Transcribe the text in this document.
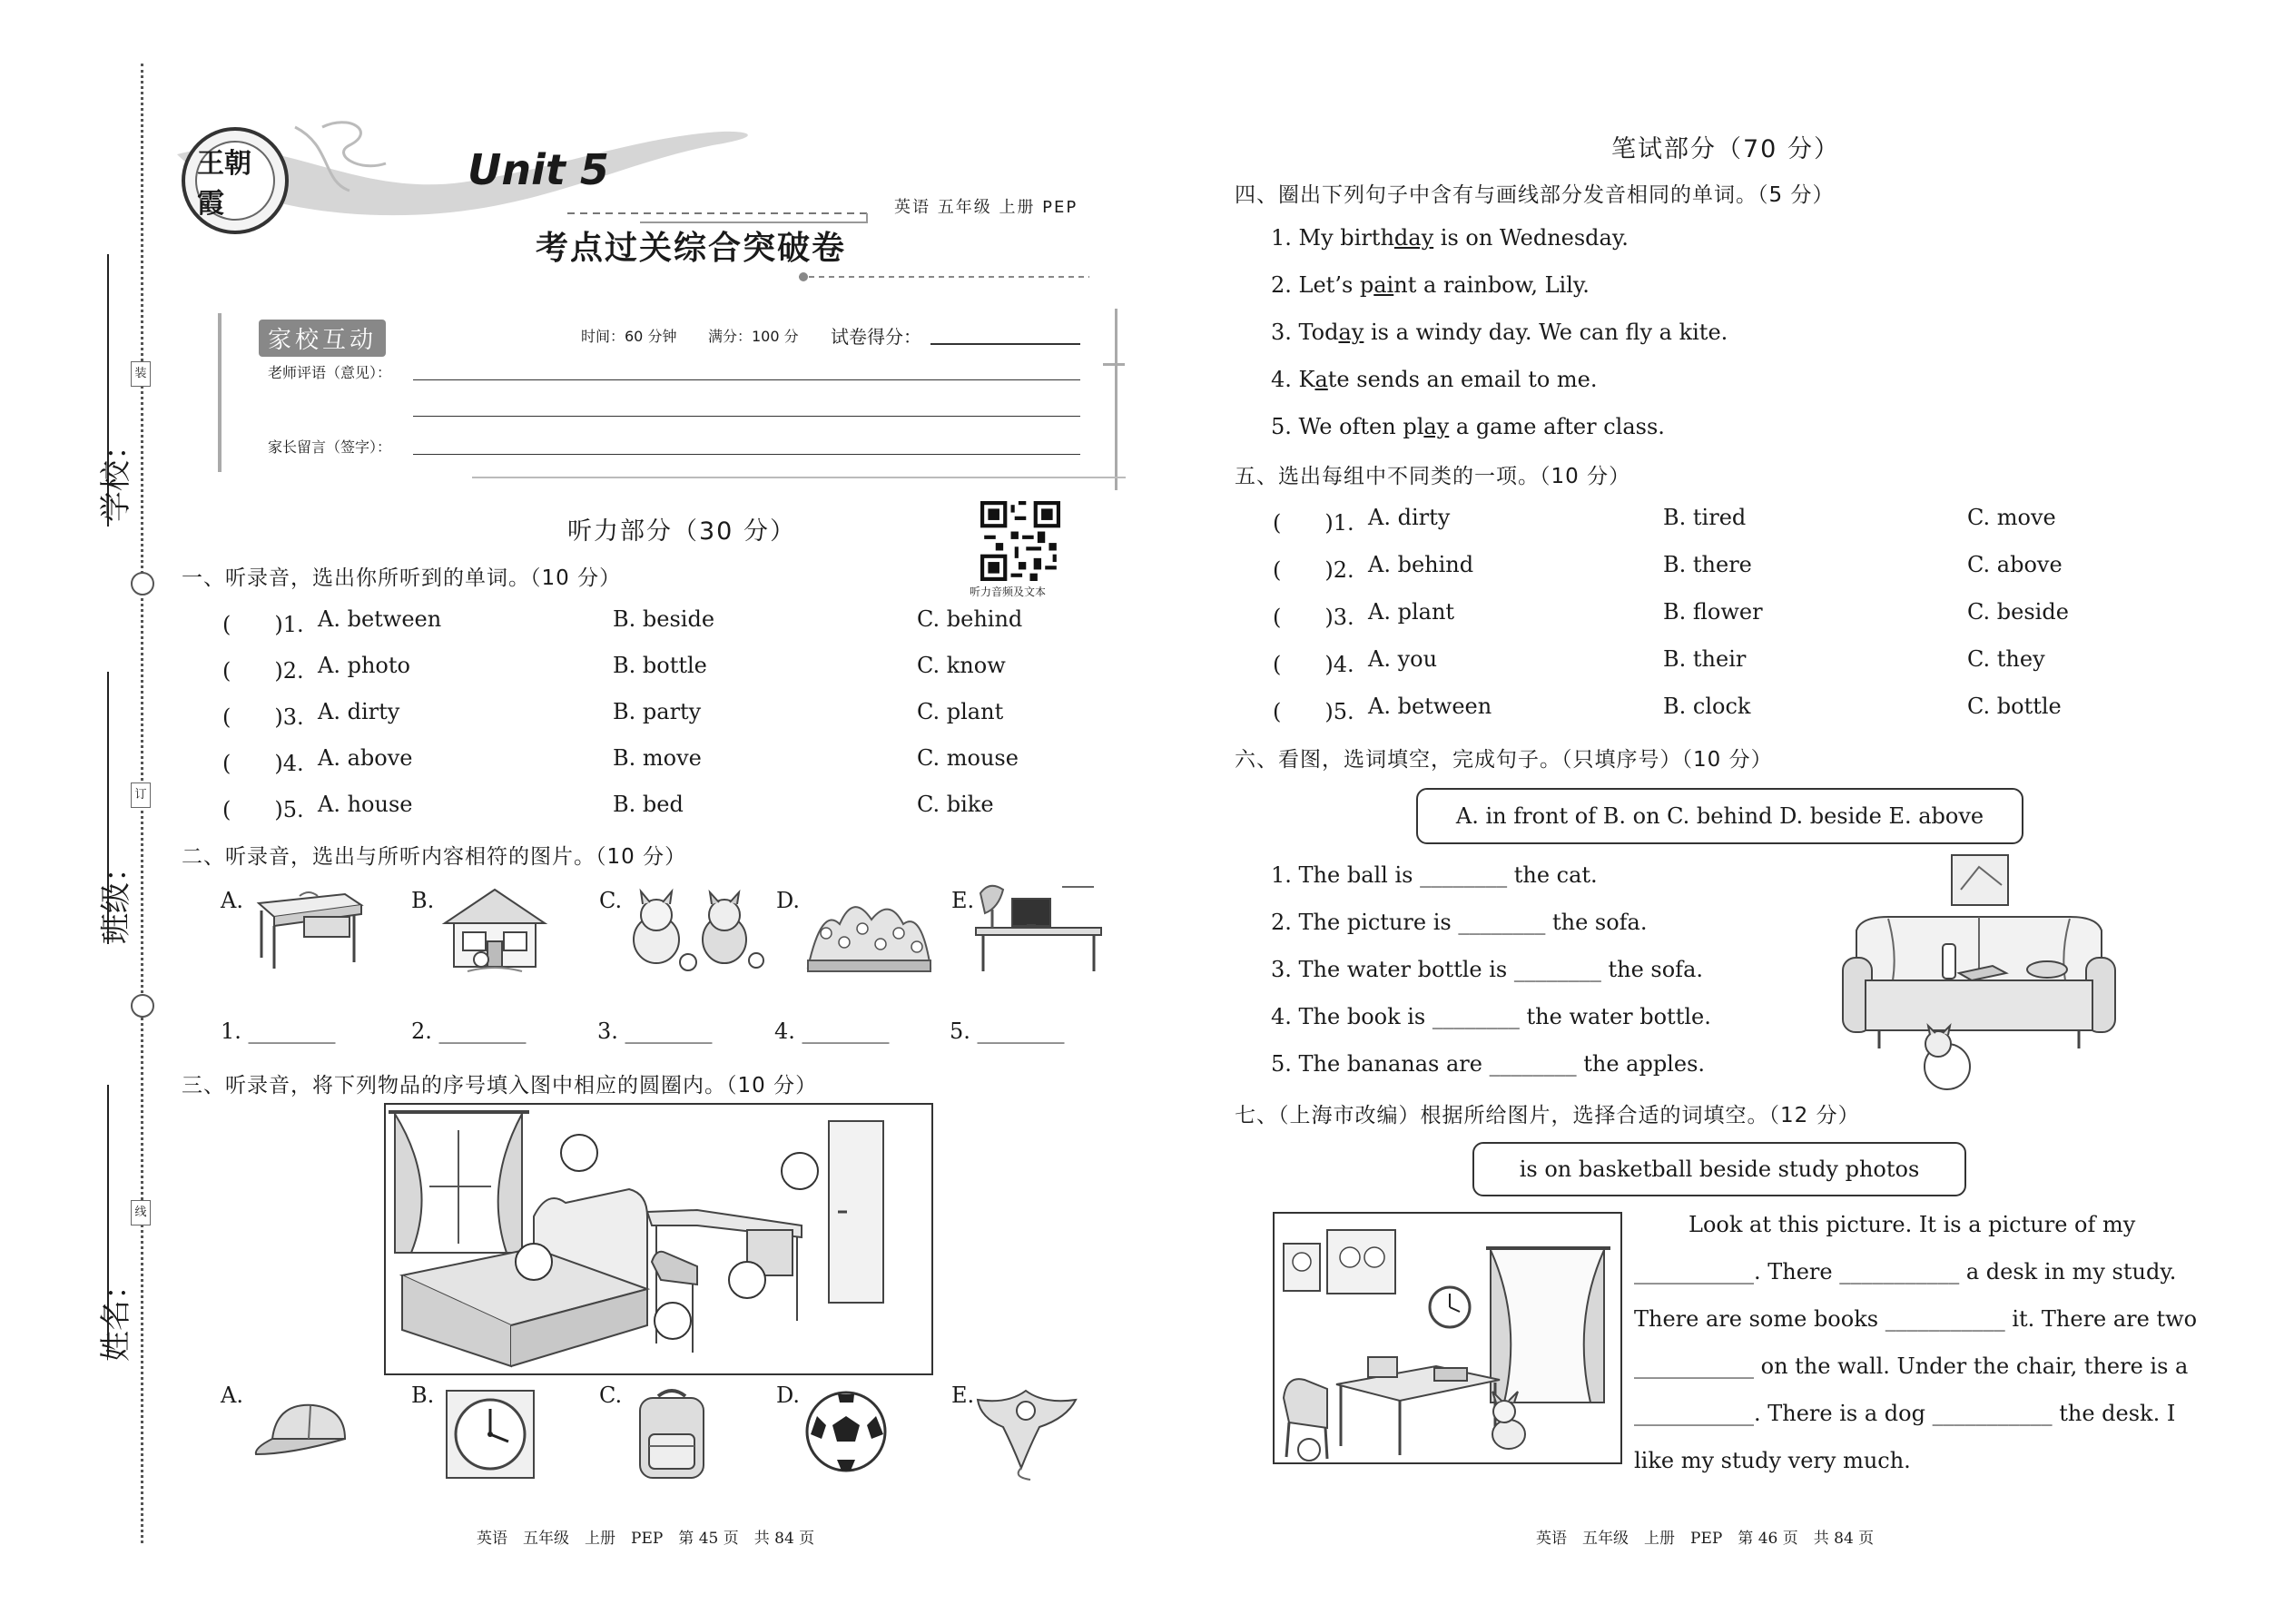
学校：
班级：
姓名：
装
订
线
王朝霞
Unit 5
考点过关综合突破卷
英语 五年级 上册 PEP
家校互动	时间：60 分钟 满分：100 分 试卷得分：
老师评语（意见）：
家长留言（签字）：
听力音频及文本
听力部分（30 分）
一、听录音，选出你所听到的单词。（10 分）
(　　)1. A. between	B. beside	C. behind
(　　)2. A. photo	B. bottle	C. know
(　　)3. A. dirty	B. party	C. plant
(　　)4. A. above	B. move	C. mouse
(　　)5. A. house	B. bed	C. bike
二、听录音，选出与所听内容相符的图片。（10 分）
A.	B.	C.	D.	E.
1. ________	2. ________	3. ________	4. ________	5. ________
三、听录音，将下列物品的序号填入图中相应的圆圈内。（10 分）
A.	B.	C.	D.	E.
英语　五年级　上册　PEP　第 45 页　共 84 页
笔试部分（70 分）
四、圈出下列句子中含有与画线部分发音相同的单词。（5 分）
1. My birthday is on Wednesday.
2. Let’s paint a rainbow, Lily.
3. Today is a windy day. We can fly a kite.
4. Kate sends an email to me.
5. We often play a game after class.
五、选出每组中不同类的一项。（10 分）
(　　)1. A. dirty	B. tired	C. move
(　　)2. A. behind	B. there	C. above
(　　)3. A. plant	B. flower	C. beside
(　　)4. A. you	B. their	C. they
(　　)5. A. between	B. clock	C. bottle
六、看图，选词填空，完成句子。（只填序号）（10 分）
A. in front of B. on C. behind D. beside E. above
1. The ball is ________ the cat.
2. The picture is ________ the sofa.
3. The water bottle is ________ the sofa.
4. The book is ________ the water bottle.
5. The bananas are ________ the apples.
七、（上海市改编）根据所给图片，选择合适的词填空。（12 分）
is on basketball beside study photos
Look at this picture. It is a picture of my
___________. There ___________ a desk in my study.
There are some books ___________ it. There are two
___________ on the wall. Under the chair, there is a
___________. There is a dog ___________ the desk. I
like my study very much.
英语　五年级　上册　PEP　第 46 页　共 84 页
